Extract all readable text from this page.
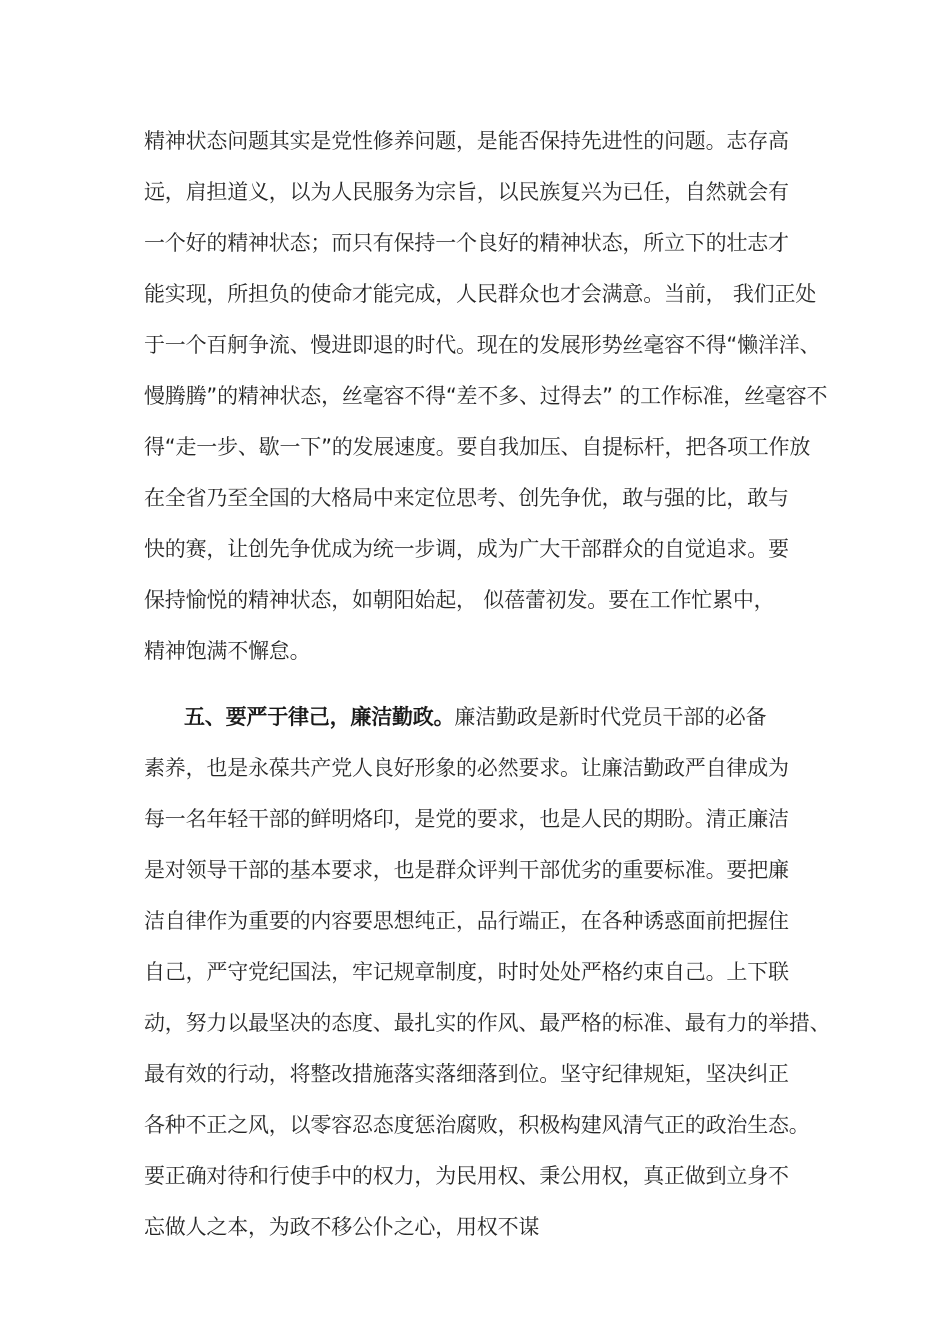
精神状态问题其实是党性修养问题，是能否保持先进性的问题。志存高

远，肩担道义，以为人民服务为宗旨，以民族复兴为已任，自然就会有

一个好的精神状态；而只有保持一个良好的精神状态，所立下的壮志才

能实现，所担负的使命才能完成，人民群众也才会满意。当前， 我们正处

于一个百舸争流、慢进即退的时代。现在的发展形势丝毫容不得“懒洋洋、

慢腾腾”的精神状态，丝毫容不得“差不多、过得去” 的工作标准，丝毫容不

得“走一步、歇一下”的发展速度。要自我加压、自提标杆，把各项工作放

在全省乃至全国的大格局中来定位思考、创先争优，敢与强的比，敢与

快的赛，让创先争优成为统一步调，成为广大干部群众的自觉追求。要

保持愉悦的精神状态，如朝阳始起， 似蓓蕾初发。要在工作忙累中，

精神饱满不懈怠。

五、要严于律己，廉洁勤政。廉洁勤政是新时代党员干部的必备

素养，也是永葆共产党人良好形象的必然要求。让廉洁勤政严自律成为

每一名年轻干部的鲜明烙印，是党的要求，也是人民的期盼。清正廉洁

是对领导干部的基本要求，也是群众评判干部优劣的重要标准。要把廉

洁自律作为重要的内容要思想纯正，品行端正，在各种诱惑面前把握住

自己，严守党纪国法，牢记规章制度，时时处处严格约束自己。上下联

动，努力以最坚决的态度、最扎实的作风、最严格的标准、最有力的举措、

最有效的行动，将整改措施落实落细落到位。坚守纪律规矩，坚决纠正

各种不正之风，以零容忍态度惩治腐败，积极构建风清气正的政治生态。

要正确对待和行使手中的权力，为民用权、秉公用权，真正做到立身不

忘做人之本，为政不移公仆之心，用权不谋
